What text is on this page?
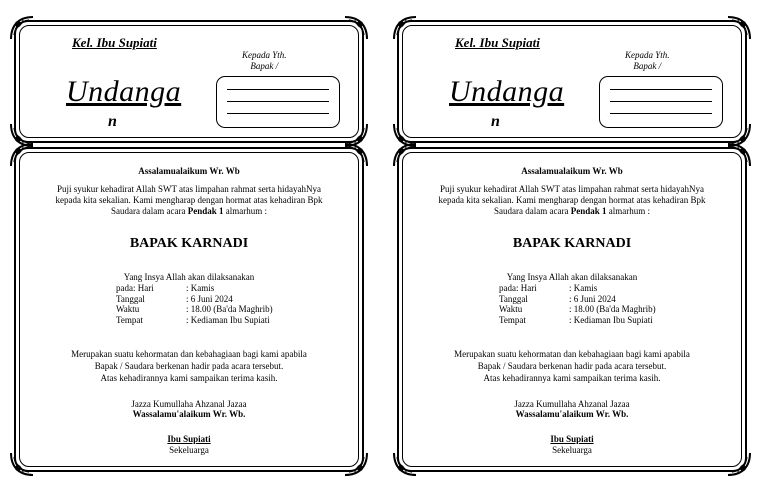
Kel. Ibu Supiati
Kepada Yth.
Bapak /
Undanga
n
Assalamualaikum Wr. Wb
Puji syukur kehadirat Allah SWT atas limpahan rahmat serta hidayahNya
kepada kita sekalian. Kami mengharap dengan hormat atas kehadiran Bpk
Saudara dalam acara Pendak 1 almarhum :
BAPAK KARNADI
Yang Insya Allah akan dilaksanakan
pada: Hari	: Kamis
Tanggal	: 6 Juni 2024
Waktu	: 18.00 (Ba'da Maghrib)
Tempat	: Kediaman Ibu Supiati
Merupakan suatu kehormatan dan kebahagiaan bagi kami apabila
Bapak / Saudara berkenan hadir pada acara tersebut.
Atas kehadirannya kami sampaikan terima kasih.
Jazza Kumullaha Ahzanal Jazaa
Wassalamu'alaikum Wr. Wb.
Ibu Supiati
Sekeluarga
Kel. Ibu Supiati
Kepada Yth.
Bapak /
Undanga
n
Assalamualaikum Wr. Wb
Puji syukur kehadirat Allah SWT atas limpahan rahmat serta hidayahNya
kepada kita sekalian. Kami mengharap dengan hormat atas kehadiran Bpk
Saudara dalam acara Pendak 1 almarhum :
BAPAK KARNADI
Yang Insya Allah akan dilaksanakan
pada: Hari	: Kamis
Tanggal	: 6 Juni 2024
Waktu	: 18.00 (Ba'da Maghrib)
Tempat	: Kediaman Ibu Supiati
Merupakan suatu kehormatan dan kebahagiaan bagi kami apabila
Bapak / Saudara berkenan hadir pada acara tersebut.
Atas kehadirannya kami sampaikan terima kasih.
Jazza Kumullaha Ahzanal Jazaa
Wassalamu'alaikum Wr. Wb.
Ibu Supiati
Sekeluarga
